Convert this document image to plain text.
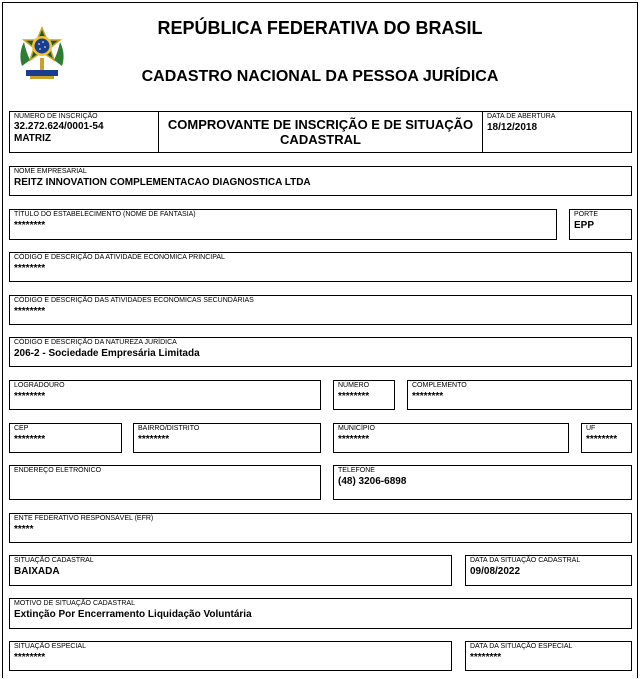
REPÚBLICA FEDERATIVA DO BRASIL
CADASTRO NACIONAL DA PESSOA JURÍDICA
NÚMERO DE INSCRIÇÃO
32.272.624/0001-54
MATRIZ
COMPROVANTE DE INSCRIÇÃO E DE SITUAÇÃO
CADASTRAL
DATA DE ABERTURA
18/12/2018
NOME EMPRESARIAL
REITZ INNOVATION COMPLEMENTACAO DIAGNOSTICA LTDA
TÍTULO DO ESTABELECIMENTO (NOME DE FANTASIA)
********
PORTE
EPP
CÓDIGO E DESCRIÇÃO DA ATIVIDADE ECONÔMICA PRINCIPAL
********
CÓDIGO E DESCRIÇÃO DAS ATIVIDADES ECONÔMICAS SECUNDÁRIAS
********
CÓDIGO E DESCRIÇÃO DA NATUREZA JURÍDICA
206-2 - Sociedade Empresária Limitada
LOGRADOURO
********
NÚMERO
********
COMPLEMENTO
********
CEP
********
BAIRRO/DISTRITO
********
MUNICÍPIO
********
UF
********
ENDEREÇO ELETRÔNICO	TELEFONE
(48) 3206-6898
ENTE FEDERATIVO RESPONSÁVEL (EFR)
*****
SITUAÇÃO CADASTRAL
BAIXADA
DATA DA SITUAÇÃO CADASTRAL
09/08/2022
MOTIVO DE SITUAÇÃO CADASTRAL
Extinção Por Encerramento Liquidação Voluntária
SITUAÇÃO ESPECIAL
********
DATA DA SITUAÇÃO ESPECIAL
********
